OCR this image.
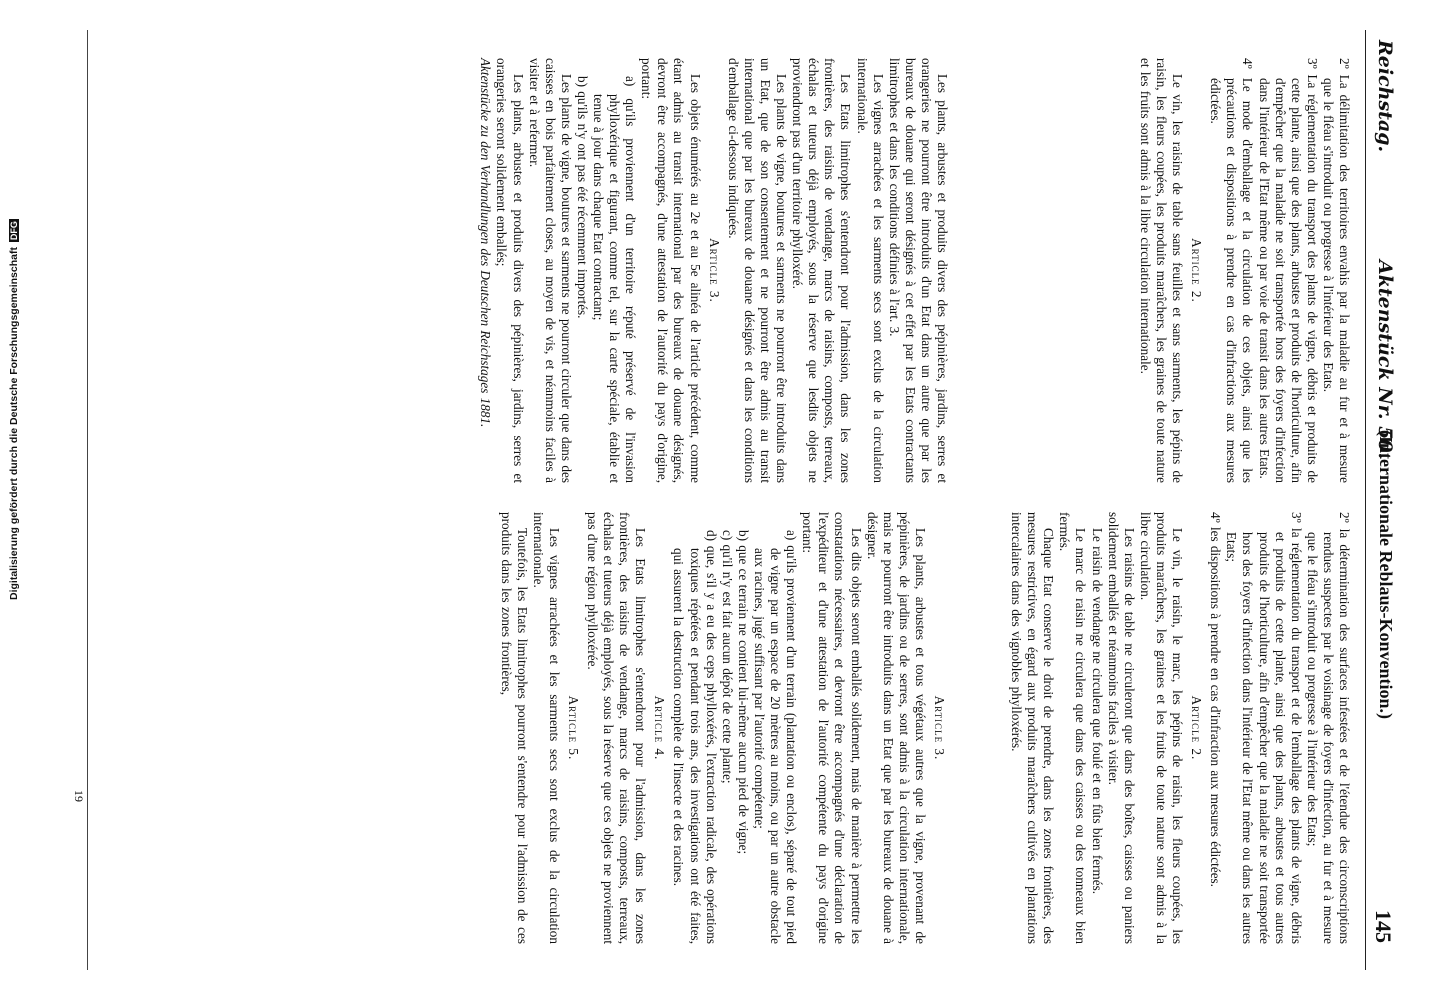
Reichstag.
Aktenstück Nr. 50.
(Internationale Reblaus-Konvention.)
145

2º La délimitation des territoires envahis par la maladie au fur et à mesure que le fléau s'introduit ou progresse à l'intérieur des Etats.

3º La réglementation du transport des plants de vigne, débris et produits de cette plante, ainsi que des plants, arbustes et produits de l'horticulture, afin d'empêcher que la maladie ne soit transportée hors des foyers d'infection dans l'intérieur de l'Etat même ou par voie de transit dans les autres Etats.

4º Le mode d'emballage et la circulation de ces objets, ainsi que les précautions et dispositions à prendre en cas d'infractions aux mesures édictées.

Article 2.

Le vin, les raisins de table sans feuilles et sans sarments, les pépins de raisin, les fleurs coupées, les produits maraîchers, les graines de toute nature et les fruits sont admis à la libre circulation internationale.

Les plants, arbustes et produits divers des pépinières, jardins, serres et orangeries ne pourront être introduits d'un Etat dans un autre que par les bureaux de douane qui seront désignés à cet effet par les Etats contractants limitrophes et dans les conditions définies à l'art. 3.

Les vignes arrachées et les sarments secs sont exclus de la circulation internationale.

Les Etats limitrophes s'entendront pour l'admission, dans les zones frontières, des raisins de vendange, marcs de raisins, composts, terreaux, échalas et tuteurs déjà employés, sous la réserve que lesdits objets ne proviendront pas d'un territoire phylloxéré.

Les plants de vigne, boutures et sarments ne pourront être introduits dans un Etat, que de son consentement et ne pourront être admis au transit international que par les bureaux de douane désignés et dans les conditions d'emballage ci-dessous indiquées.

Article 3.

Les objets énumérés au 2e et au 5e alinéa de l'article précédent, comme étant admis au transit international par des bureaux de douane désignés, devront être accompagnés, d'une attestation de l'autorité du pays d'origine, portant:

a) qu'ils proviennent d'un territoire réputé préservé de l'invasion phylloxérique et figurant, comme tel, sur la carte spéciale, établie et tenue à jour dans chaque Etat contractant;

b) qu'ils n'y ont pas été récemment importés.

Les plants de vigne, boutures et sarments ne pourront circuler que dans des caisses en bois parfaitement closes, au moyen de vis, et néanmoins faciles à visiter et à refermer.

Les plants, arbustes et produits divers des pépinières, jardins, serres et orangeries seront solidement emballés;

Aktenstücke zu den Verhandlungen des Deutschen Reichstages 1881.

2º la détermination des surfaces infestées et de l'étendue des circonscriptions rendues suspectes par le voisinage de foyers d'infection, au fur et à mesure que le fléau s'introduit ou progresse à l'intérieur des Etats;

3º la réglementation du transport et de l'emballage des plants de vigne, débris et produits de cette plante, ainsi que des plants, arbustes et tous autres produits de l'horticulture, afin d'empêcher que la maladie ne soit transportée hors des foyers d'infection dans l'intérieur de l'Etat même ou dans les autres Etats;

4º les dispositions à prendre en cas d'infraction aux mesures édictées.

Article 2.

Le vin, le raisin, le marc, les pépins de raisin, les fleurs coupées, les produits maraîchers, les graines et les fruits de toute nature sont admis à la libre circulation.

Les raisins de table ne circuleront que dans des boîtes, caisses ou paniers solidement emballés et néanmoins faciles à visiter.

Le raisin de vendange ne circulera que foulé et en fûts bien fermés.

Le marc de raisin ne circulera que dans des caisses ou des tonneaux bien fermés.

Chaque Etat conserve le droit de prendre, dans les zones frontières, des mesures restrictives, en égard aux produits maraîchers cultivés en plantations intercalaires dans des vignobles phylloxérés.

Article 3.

Les plants, arbustes et tous végétaux autres que la vigne, provenant de pépinières, de jardins ou de serres, sont admis à la circulation internationale, mais ne pourront être introduits dans un Etat que par les bureaux de douane à désigner.

Les dits objets seront emballés solidement, mais de manière à permettre les constatations nécessaires, et devront être accompagnés d'une déclaration de l'expéditeur et d'une attestation de l'autorité compétente du pays d'origine portant:

a) qu'ils proviennent d'un terrain (plantation ou enclos), séparé de tout pied de vigne par un espace de 20 mètres au moins, ou par un autre obstacle aux racines, jugé suffisant par l'autorité compétente;

b) que ce terrain ne contient lui-même aucun pied de vigne;

c) qu'il n'y est fait aucun dépôt de cette plante;

d) que, s'il y a eu des ceps phylloxérés, l'extraction radicale, des opérations toxiques répétées et pendant trois ans, des investigations ont été faites, qui assurent la destruction complète de l'insecte et des racines.

Article 4.

Les Etats limitrophes s'entendront pour l'admission, dans les zones frontières, des raisins de vendange, marcs de raisins, composts, terreaux, échalas et tuteurs déjà employés, sous la réserve que ces objets ne proviennent pas d'une région phylloxérée.

Article 5.

Les vignes arrachées et les sarments secs sont exclus de la circulation internationale.

Toutefois, les Etats limitrophes pourront s'entendre pour l'admission de ces produits dans les zones frontières,

19
Digitalisierung gefördert durch die Deutsche Forschungsgemeinschaft DFG
